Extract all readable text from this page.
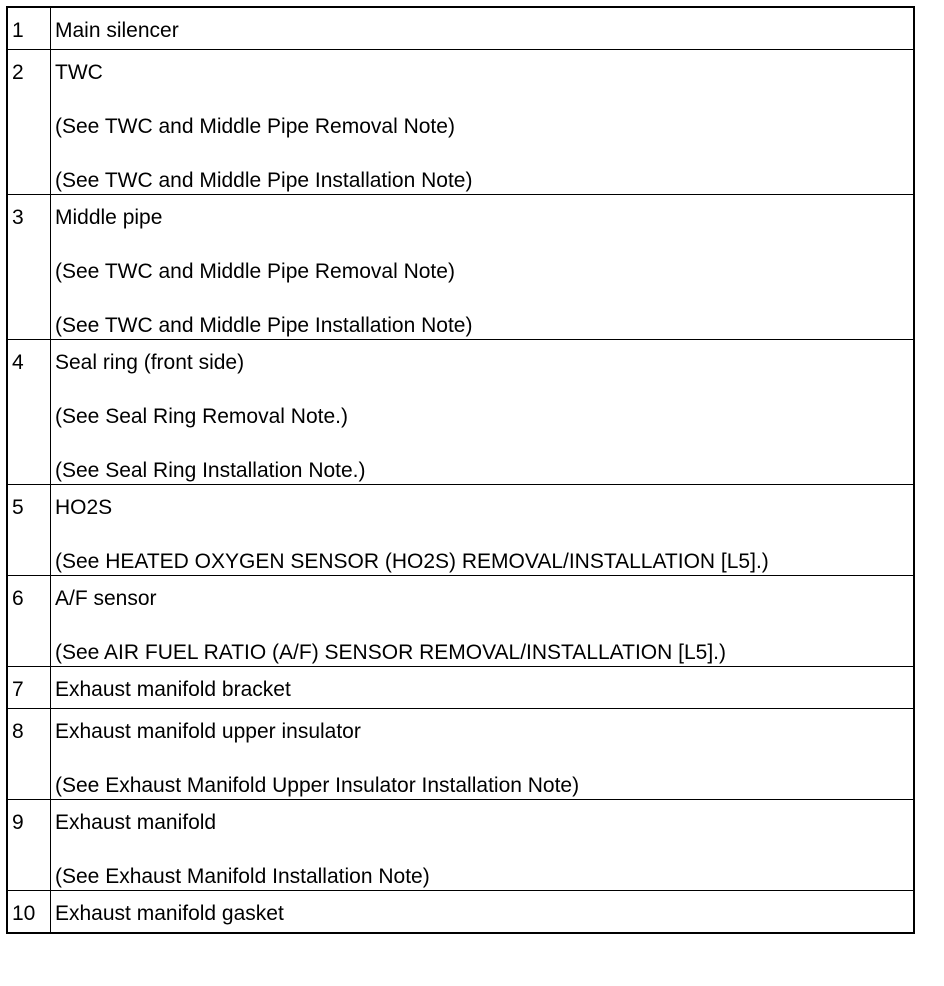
1	Main silencer

2	TWC
(See TWC and Middle Pipe Removal Note)
(See TWC and Middle Pipe Installation Note)

3	Middle pipe
(See TWC and Middle Pipe Removal Note)
(See TWC and Middle Pipe Installation Note)

4	Seal ring (front side)
(See Seal Ring Removal Note.)
(See Seal Ring Installation Note.)

5	HO2S
(See HEATED OXYGEN SENSOR (HO2S) REMOVAL/INSTALLATION [L5].)

6	A/F sensor
(See AIR FUEL RATIO (A/F) SENSOR REMOVAL/INSTALLATION [L5].)

7	Exhaust manifold bracket

8	Exhaust manifold upper insulator
(See Exhaust Manifold Upper Insulator Installation Note)

9	Exhaust manifold
(See Exhaust Manifold Installation Note)

10	Exhaust manifold gasket
